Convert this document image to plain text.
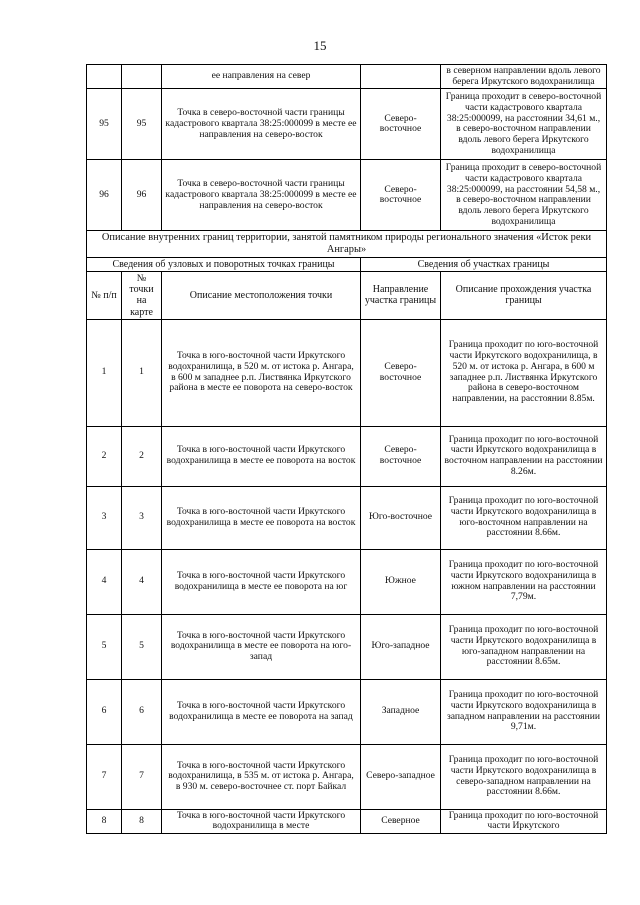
15
		ее направления на север		в северном направлении вдоль левого берега Иркутского водохранилища
95	95	Точка в северо-восточной части границы кадастрового квартала 38:25:000099 в месте ее направления на северо-восток	Северо-восточное	Граница проходит в северо-восточной части кадастрового квартала 38:25:000099, на расстоянии 34,61 м., в северо-восточном направлении вдоль левого берега Иркутского водохранилища
96	96	Точка в северо-восточной части границы кадастрового квартала 38:25:000099 в месте ее направления на северо-восток	Северо-восточное	Граница проходит в северо-восточной части кадастрового квартала 38:25:000099, на расстоянии 54,58 м., в северо-восточном направлении вдоль левого берега Иркутского водохранилища
Описание внутренних границ территории, занятой памятником природы регионального значения «Исток реки Ангары»				
Сведения об узловых и поворотных точках границы			Сведения об участках границы	
№ п/п	№ точки на карте	Описание местоположения точки	Направление участка границы	Описание прохождения участка границы
1	1	Точка в юго-восточной части Иркутского водохранилища, в 520 м. от истока р. Ангара, в 600 м западнее р.п. Листвянка Иркутского района в месте ее поворота на северо-восток	Северо-восточное	Граница проходит по юго-восточной части Иркутского водохранилища, в 520 м. от истока р. Ангара, в 600 м западнее р.п. Листвянка Иркутского района в северо-восточном направлении, на расстоянии 8.85м.
2	2	Точка в юго-восточной части Иркутского водохранилища в месте ее поворота на восток	Северо-восточное	Граница проходит по юго-восточной части Иркутского водохранилища в восточном направлении на расстоянии 8.26м.
3	3	Точка в юго-восточной части Иркутского водохранилища в месте ее поворота на восток	Юго-восточное	Граница проходит по юго-восточной части Иркутского водохранилища в юго-восточном направлении на расстоянии 8.66м.
4	4	Точка в юго-восточной части Иркутского водохранилища в месте ее поворота на юг	Южное	Граница проходит по юго-восточной части Иркутского водохранилища в южном направлении на расстоянии 7,79м.
5	5	Точка в юго-восточной части Иркутского водохранилища в месте ее поворота на юго-запад	Юго-западное	Граница проходит по юго-восточной части Иркутского водохранилища в юго-западном направлении на расстоянии 8.65м.
6	6	Точка в юго-восточной части Иркутского водохранилища в месте ее поворота на запад	Западное	Граница проходит по юго-восточной части Иркутского водохранилища в западном направлении на расстоянии 9,71м.
7	7	Точка в юго-восточной части Иркутского водохранилища, в 535 м. от истока р. Ангара, в 930 м. северо-восточнее ст. порт Байкал	Северо-западное	Граница проходит по юго-восточной части Иркутского водохранилища в северо-западном направлении на расстоянии 8.66м.
8	8	Точка в юго-восточной части Иркутского водохранилища в месте	Северное	Граница проходит по юго-восточной части Иркутского
